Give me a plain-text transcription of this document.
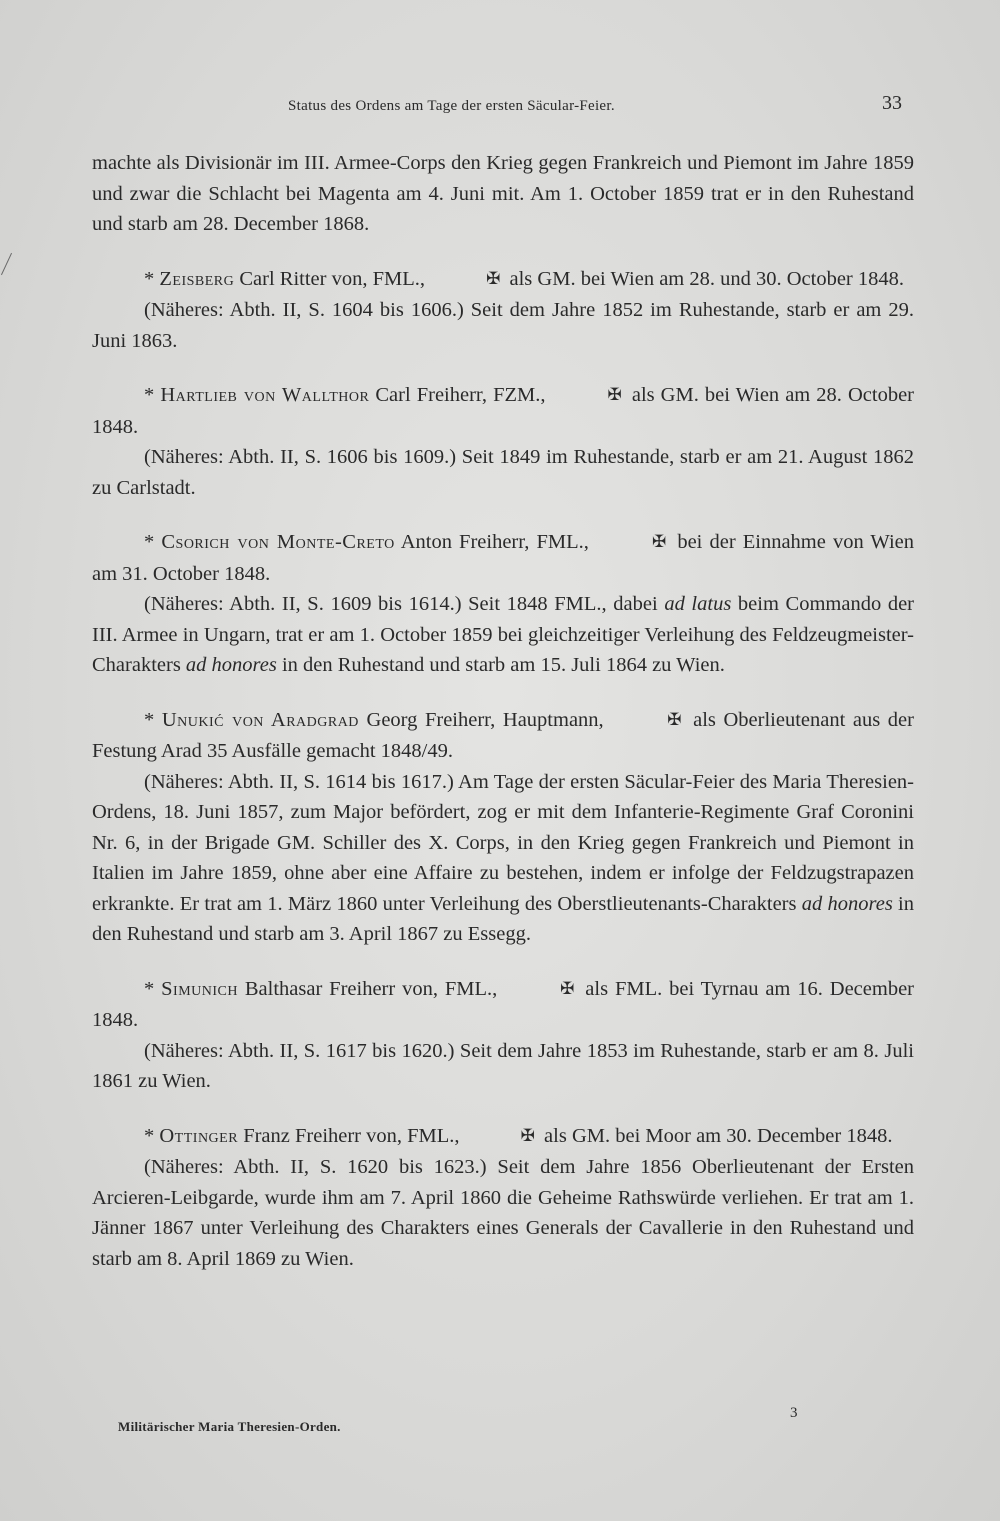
Status des Ordens am Tage der ersten Säcular-Feier.	33

machte als Divisionär im III. Armee-Corps den Krieg gegen Frankreich und Piemont im Jahre 1859 und zwar die Schlacht bei Magenta am 4. Juni mit. Am 1. October 1859 trat er in den Ruhestand und starb am 28. December 1868.

* Zeisberg Carl Ritter von, FML.,	✠ als GM. bei Wien am 28. und 30. October 1848.

(Näheres: Abth. II, S. 1604 bis 1606.) Seit dem Jahre 1852 im Ruhestande, starb er am 29. Juni 1863.

* Hartlieb von Wallthor Carl Freiherr, FZM.,	✠ als GM. bei Wien am 28. October 1848.

(Näheres: Abth. II, S. 1606 bis 1609.) Seit 1849 im Ruhestande, starb er am 21. August 1862 zu Carlstadt.

* Csorich von Monte-Creto Anton Freiherr, FML.,	✠ bei der Einnahme von Wien am 31. October 1848.

(Näheres: Abth. II, S. 1609 bis 1614.) Seit 1848 FML., dabei ad latus beim Commando der III. Armee in Ungarn, trat er am 1. October 1859 bei gleichzeitiger Verleihung des Feldzeugmeister-Charakters ad honores in den Ruhestand und starb am 15. Juli 1864 zu Wien.

* Unukić von Aradgrad Georg Freiherr, Hauptmann,	✠ als Oberlieutenant aus der Festung Arad 35 Ausfälle gemacht 1848/49.

(Näheres: Abth. II, S. 1614 bis 1617.) Am Tage der ersten Säcular-Feier des Maria Theresien-Ordens, 18. Juni 1857, zum Major befördert, zog er mit dem Infanterie-Regimente Graf Coronini Nr. 6, in der Brigade GM. Schiller des X. Corps, in den Krieg gegen Frankreich und Piemont in Italien im Jahre 1859, ohne aber eine Affaire zu bestehen, indem er infolge der Feldzugstrapazen erkrankte. Er trat am 1. März 1860 unter Verleihung des Oberstlieutenants-Charakters ad honores in den Ruhestand und starb am 3. April 1867 zu Essegg.

* Simunich Balthasar Freiherr von, FML.,	✠ als FML. bei Tyrnau am 16. December 1848.

(Näheres: Abth. II, S. 1617 bis 1620.) Seit dem Jahre 1853 im Ruhestande, starb er am 8. Juli 1861 zu Wien.

* Ottinger Franz Freiherr von, FML.,	✠ als GM. bei Moor am 30. December 1848.

(Näheres: Abth. II, S. 1620 bis 1623.) Seit dem Jahre 1856 Oberlieutenant der Ersten Arcieren-Leibgarde, wurde ihm am 7. April 1860 die Geheime Rathswürde verliehen. Er trat am 1. Jänner 1867 unter Verleihung des Charakters eines Generals der Cavallerie in den Ruhestand und starb am 8. April 1869 zu Wien.

Militärischer Maria Theresien-Orden.
3
